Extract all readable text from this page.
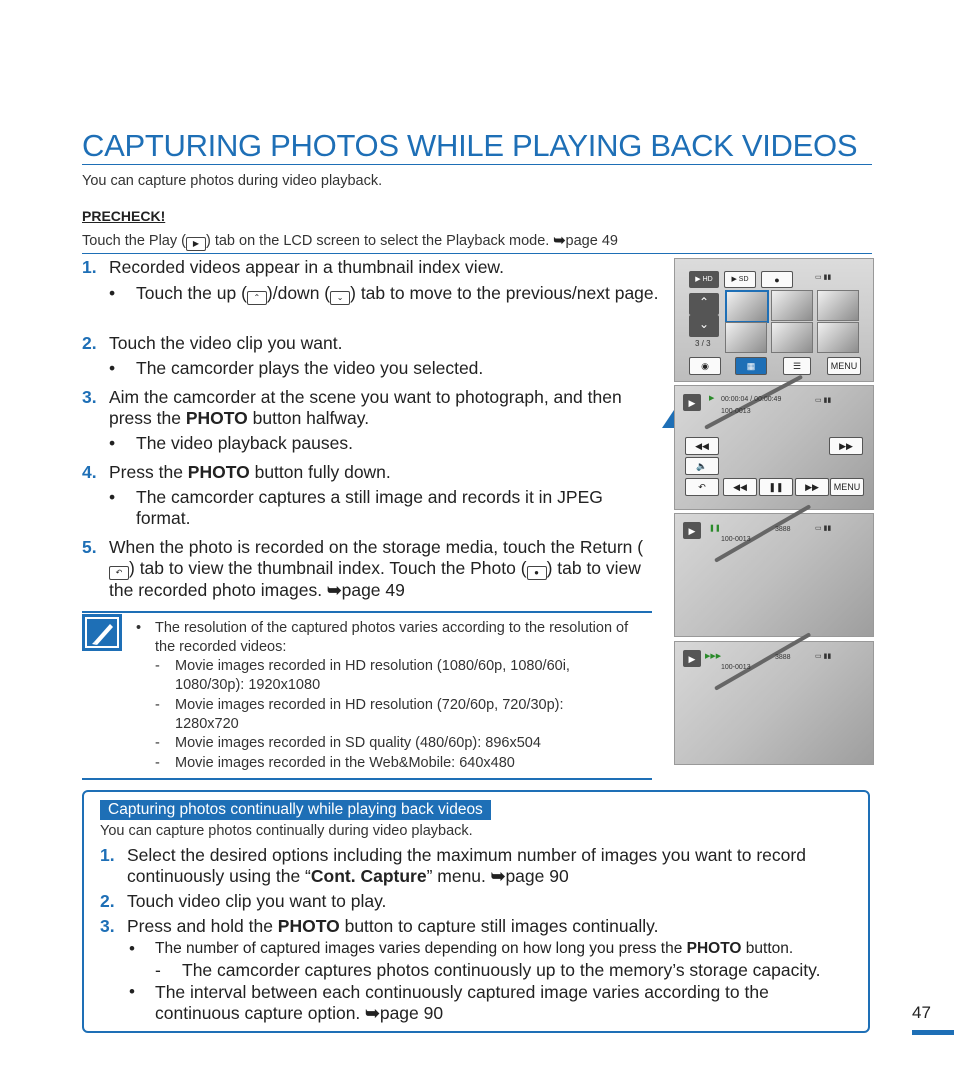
CAPTURING PHOTOS WHILE PLAYING BACK VIDEOS
You can capture photos during video playback.
PRECHECK!
Touch the Play ( ▶ ) tab on the LCD screen to select the Playback mode. ➥page 49
1. Recorded videos appear in a thumbnail index view.
• Touch the up ( ⌃ )/down ( ⌄ ) tab to move to the previous/next page.
2. Touch the video clip you want.
• The camcorder plays the video you selected.
3. Aim the camcorder at the scene you want to photograph, and then press the PHOTO button halfway.
• The video playback pauses.
4. Press the PHOTO button fully down.
• The camcorder captures a still image and records it in JPEG format.
5. When the photo is recorded on the storage media, touch the Return (↶ ) tab to view the thumbnail index. Touch the Photo ( ● ) tab to view the recorded photo images. ➥page 49
• The resolution of the captured photos varies according to the resolution of the recorded videos:
- Movie images recorded in HD resolution (1080/60p, 1080/60i, 1080/30p): 1920x1080
- Movie images recorded in HD resolution (720/60p, 720/30p): 1280x720
- Movie images recorded in SD quality (480/60p): 896x504
- Movie images recorded in the Web&Mobile: 640x480
▶ HD	▶ SD	●	▭ ▮▮
⌃
⌄
3 / 3
◉	▦	☰	MENU
▶	▶ 00:00:04 / 00:00:49
100-0013
▭ ▮▮
◀◀	▶▶
🔈
↶	◀◀	❚❚	▶▶	MENU
▶	❚❚	3888
100-0013
▭ ▮▮
▶	▶▶▶	3888
100-0013
▭ ▮▮
Capturing photos continually while playing back videos
You can capture photos continually during video playback.
1. Select the desired options including the maximum number of images you want to record continuously using the “Cont. Capture” menu. ➥page 90
2. Touch video clip you want to play.
3. Press and hold the PHOTO button to capture still images continually.
• The number of captured images varies depending on how long you press the PHOTO button.
- The camcorder captures photos continuously up to the memory’s storage capacity.
• The interval between each continuously captured image varies according to the continuous capture option. ➥page 90	47
